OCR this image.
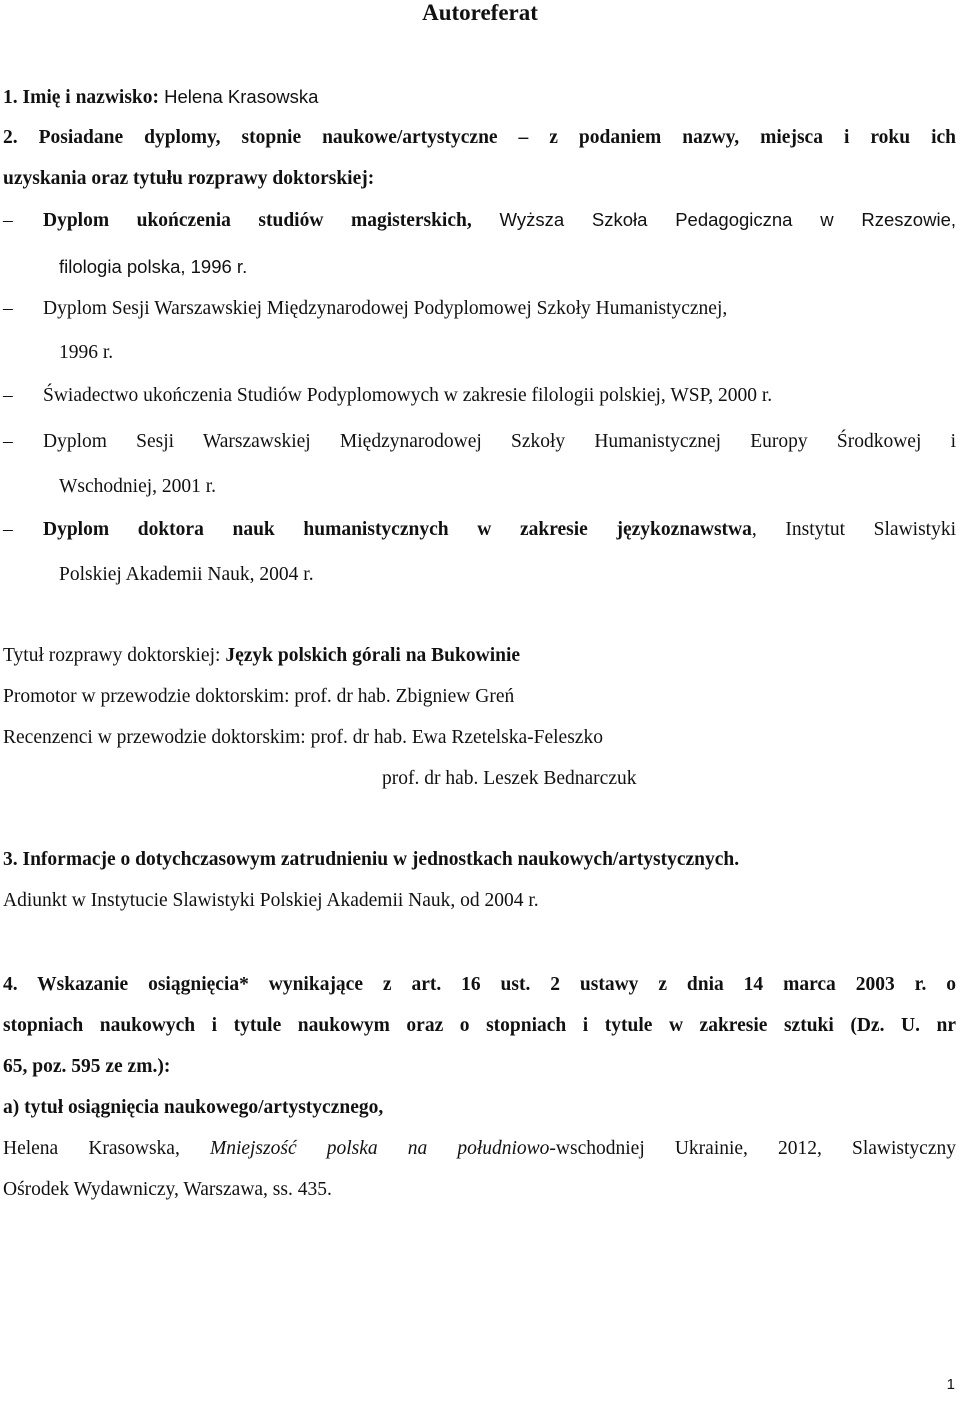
Autoreferat
1. Imię i nazwisko: Helena Krasowska
2. Posiadane dyplomy, stopnie naukowe/artystyczne – z podaniem nazwy, miejsca i roku ich
uzyskania oraz tytułu rozprawy doktorskiej:
– Dyplom ukończenia studiów magisterskich, Wyższa Szkoła Pedagogiczna w Rzeszowie,
filologia polska, 1996 r.
– Dyplom Sesji Warszawskiej Międzynarodowej Podyplomowej Szkoły Humanistycznej,
1996 r.
– Świadectwo ukończenia Studiów Podyplomowych w zakresie filologii polskiej, WSP, 2000 r.
– Dyplom Sesji Warszawskiej Międzynarodowej Szkoły Humanistycznej Europy Środkowej i
Wschodniej, 2001 r.
– Dyplom doktora nauk humanistycznych w zakresie językoznawstwa, Instytut Slawistyki
Polskiej Akademii Nauk, 2004 r.
Tytuł rozprawy doktorskiej: Język polskich górali na Bukowinie
Promotor w przewodzie doktorskim: prof. dr hab. Zbigniew Greń
Recenzenci w przewodzie doktorskim: prof. dr hab. Ewa Rzetelska-Feleszko
prof. dr hab. Leszek Bednarczuk
3. Informacje o dotychczasowym zatrudnieniu w jednostkach naukowych/artystycznych.
Adiunkt w Instytucie Slawistyki Polskiej Akademii Nauk, od 2004 r.
4. Wskazanie osiągnięcia* wynikające z art. 16 ust. 2 ustawy z dnia 14 marca 2003 r. o
stopniach naukowych i tytule naukowym oraz o stopniach i tytule w zakresie sztuki (Dz. U. nr
65, poz. 595 ze zm.):
a) tytuł osiągnięcia naukowego/artystycznego,
Helena Krasowska, Mniejszość polska na południowo-wschodniej Ukrainie, 2012, Slawistyczny
Ośrodek Wydawniczy, Warszawa, ss. 435.
1
